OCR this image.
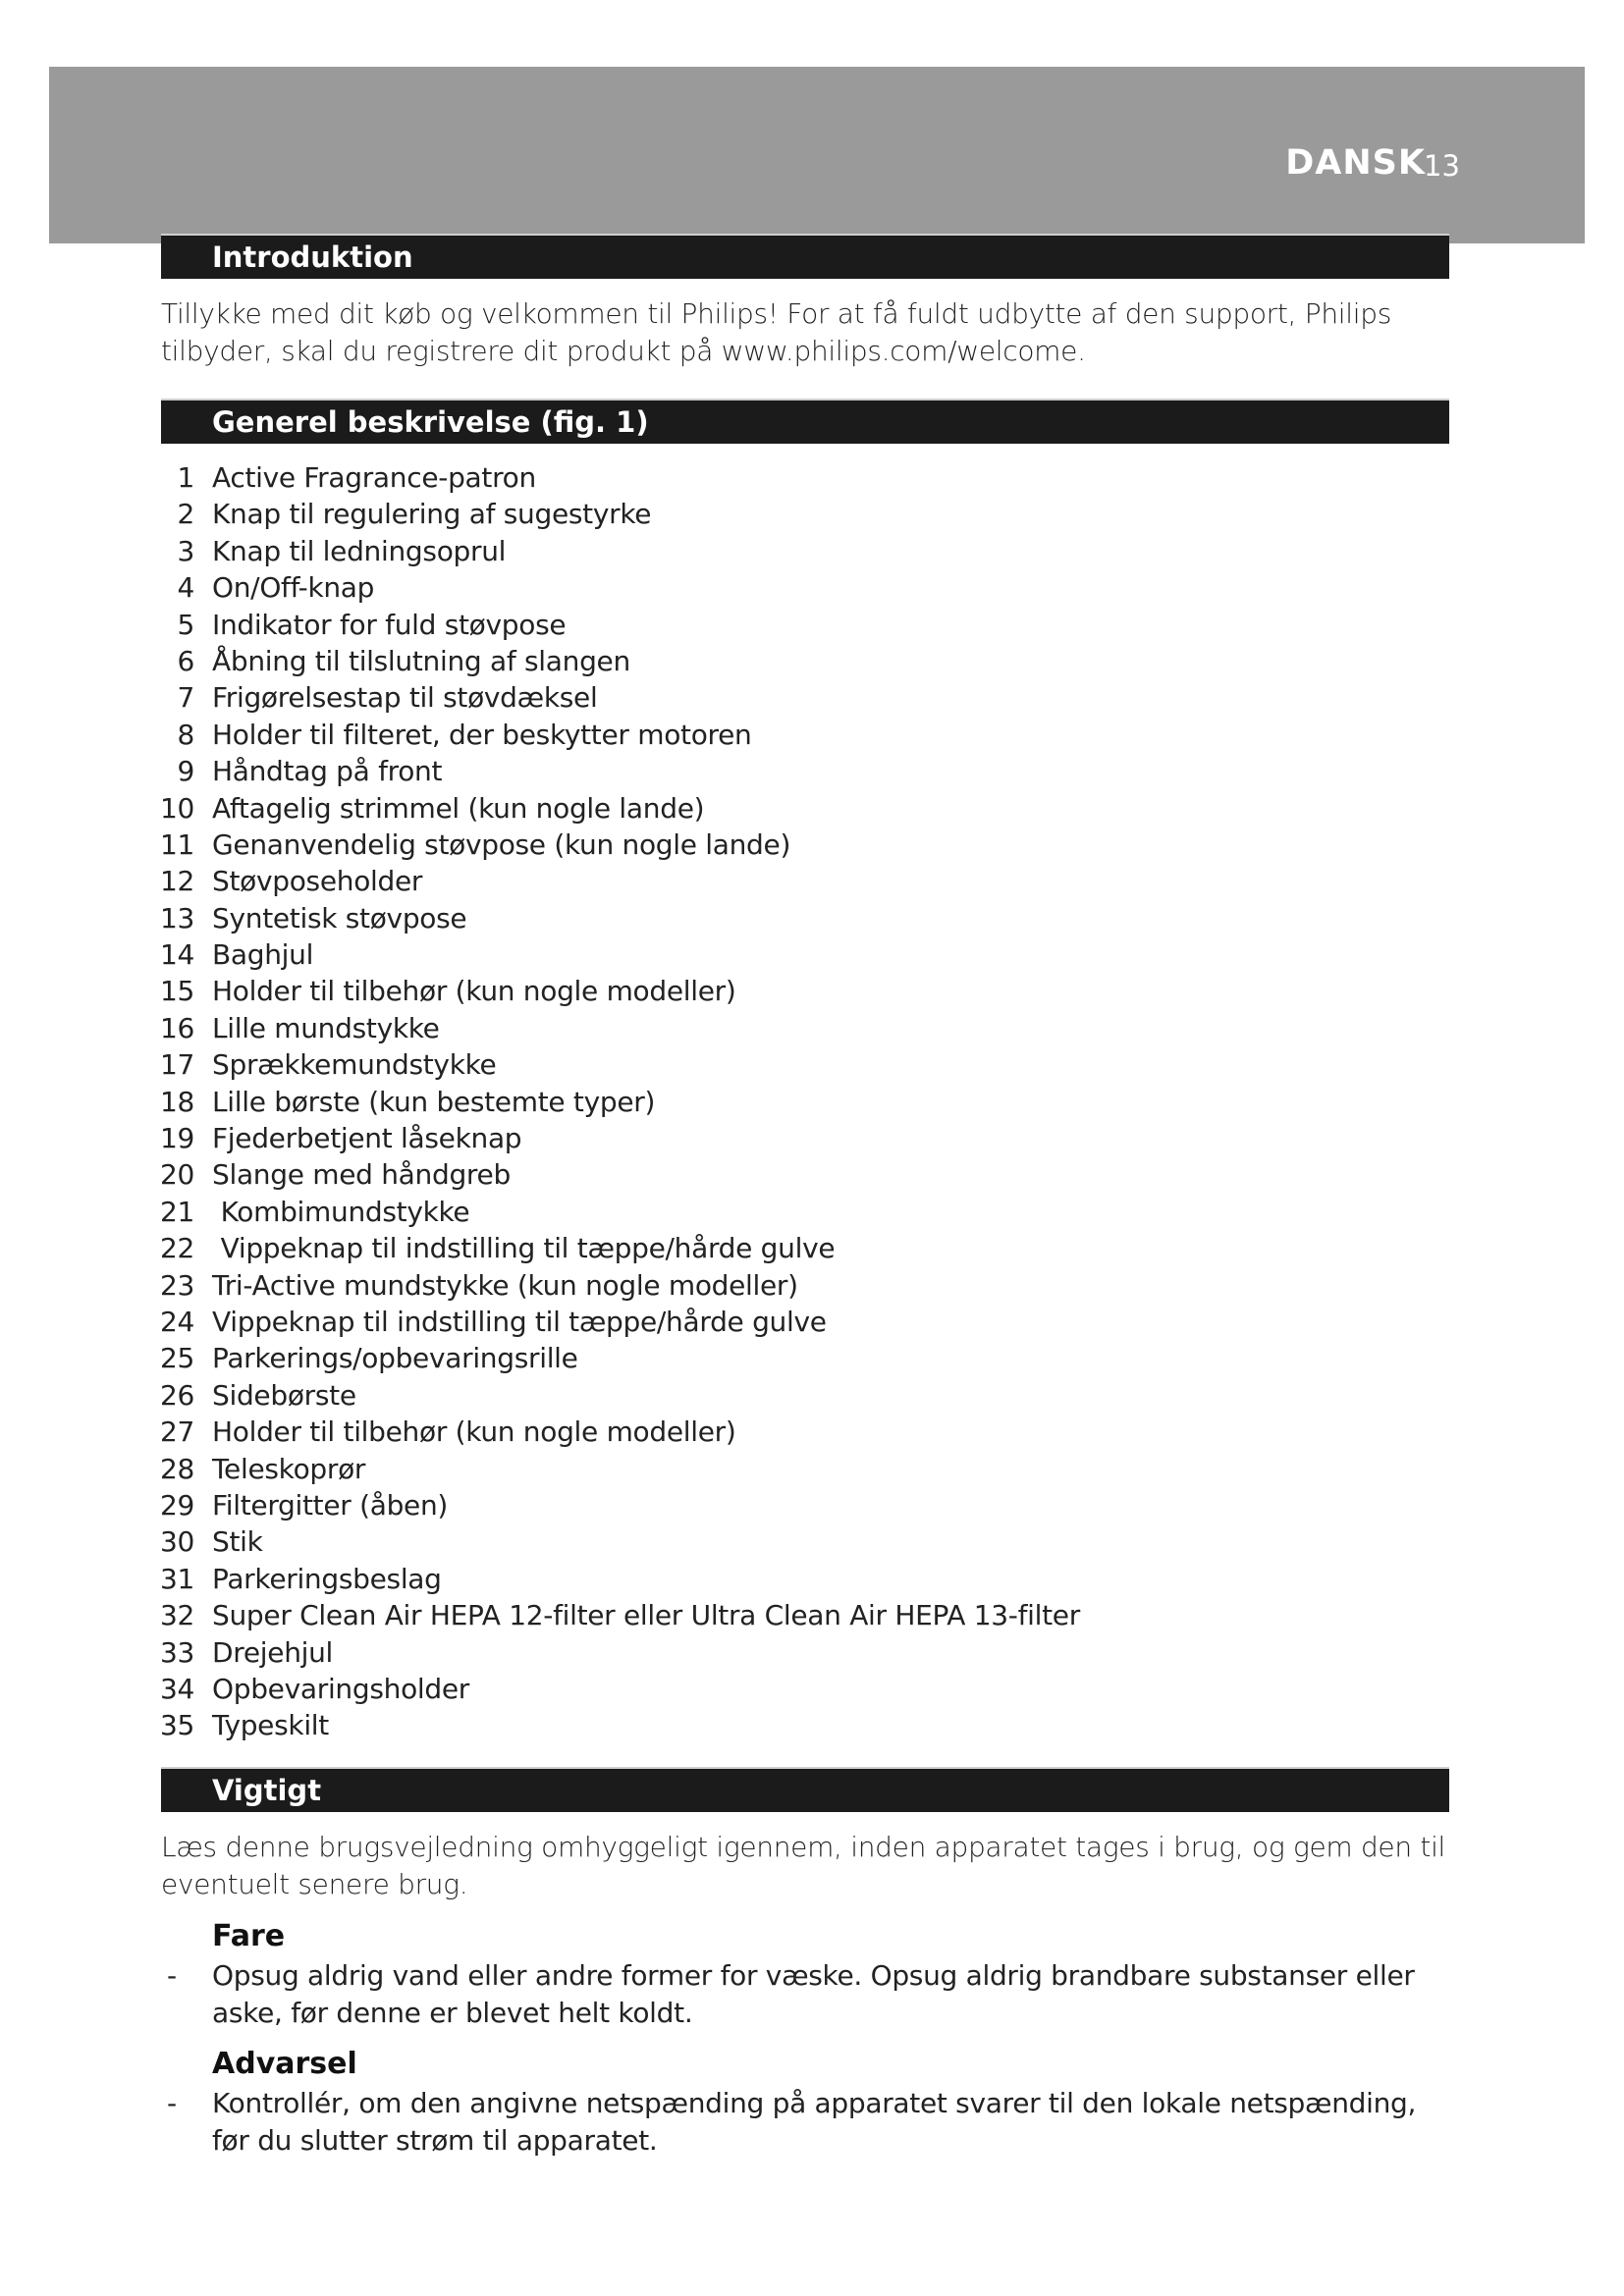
DANSK
13
Introduktion
Tillykke med dit køb og velkommen til Philips! For at få fuldt udbytte af den support, Philips tilbyder, skal du registrere dit produkt på www.philips.com/welcome.
Generel beskrivelse (fig. 1)
1 Active Fragrance-patron
2 Knap til regulering af sugestyrke
3 Knap til ledningsoprul
4 On/Off-knap
5 Indikator for fuld støvpose
6 Åbning til tilslutning af slangen
7 Frigørelsestap til støvdæksel
8 Holder til filteret, der beskytter motoren
9 Håndtag på front
10 Aftagelig strimmel (kun nogle lande)
11 Genanvendelig støvpose (kun nogle lande)
12 Støvposeholder
13 Syntetisk støvpose
14 Baghjul
15 Holder til tilbehør (kun nogle modeller)
16 Lille mundstykke
17 Sprækkemundstykke
18 Lille børste (kun bestemte typer)
19 Fjederbetjent låseknap
20 Slange med håndgreb
21 Kombimundstykke
22 Vippeknap til indstilling til tæppe/hårde gulve
23 Tri-Active mundstykke (kun nogle modeller)
24 Vippeknap til indstilling til tæppe/hårde gulve
25 Parkerings/opbevaringsrille
26 Sidebørste
27 Holder til tilbehør (kun nogle modeller)
28 Teleskoprør
29 Filtergitter (åben)
30 Stik
31 Parkeringsbeslag
32 Super Clean Air HEPA 12-filter eller Ultra Clean Air HEPA 13-filter
33 Drejehjul
34 Opbevaringsholder
35 Typeskilt
Vigtigt
Læs denne brugsvejledning omhyggeligt igennem, inden apparatet tages i brug, og gem den til eventuelt senere brug.
Fare
- Opsug aldrig vand eller andre former for væske. Opsug aldrig brandbare substanser eller aske, før denne er blevet helt koldt.
Advarsel
- Kontrollér, om den angivne netspænding på apparatet svarer til den lokale netspænding, før du slutter strøm til apparatet.
